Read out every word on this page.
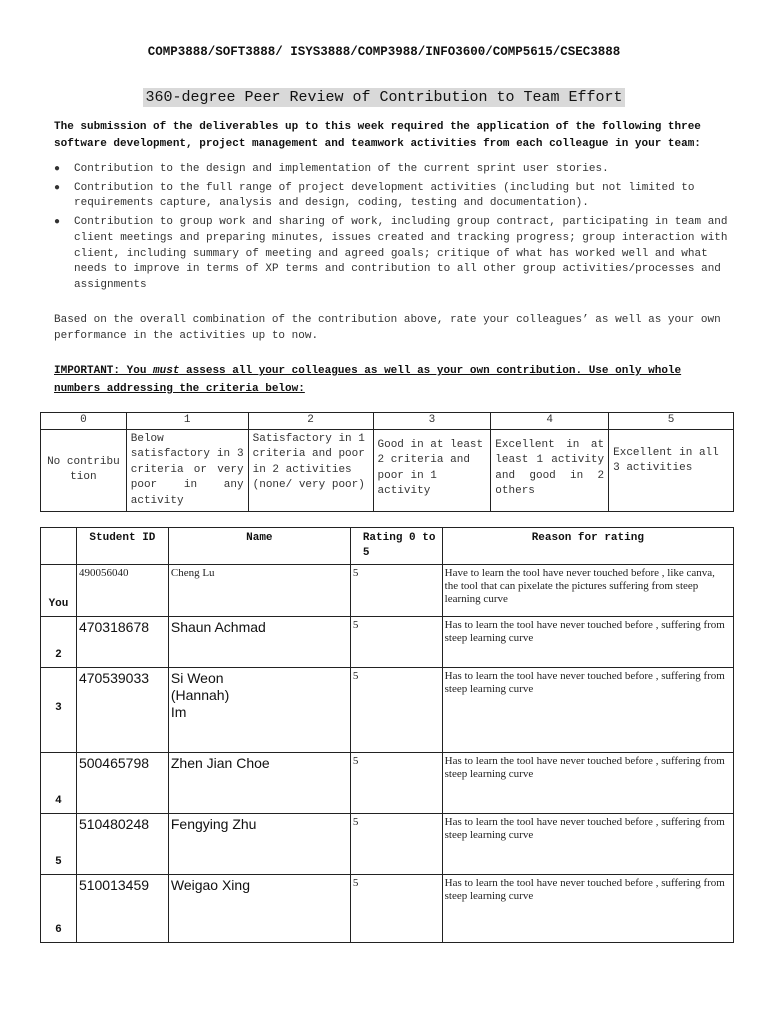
COMP3888/SOFT3888/ ISYS3888/COMP3988/INFO3600/COMP5615/CSEC3888
360-degree Peer Review of Contribution to Team Effort
The submission of the deliverables up to this week required the application of the following three software development, project management and teamwork activities from each colleague in your team:
● Contribution to the design and implementation of the current sprint user stories.
● Contribution to the full range of project development activities (including but not limited to requirements capture, analysis and design, coding, testing and documentation).
● Contribution to group work and sharing of work, including group contract, participating in team and client meetings and preparing minutes, issues created and tracking progress; group interaction with client, including summary of meeting and agreed goals; critique of what has worked well and what needs to improve in terms of XP terms and contribution to all other group activities/processes and assignments
Based on the overall combination of the contribution above, rate your colleagues’ as well as your own performance in the activities up to now.
IMPORTANT: You must assess all your colleagues as well as your own contribution. Use only whole numbers addressing the criteria below:
0	1	2	3	4	5
No contribution	Below satisfactory in 3 criteria or very poor in any activity	Satisfactory in 1 criteria and poor in 2 activities (none/ very poor)	Good in at least 2 criteria and poor in 1 activity	Excellent in at least 1 activity and good in 2 others	Excellent in all 3 activities
	Student ID	Name	Rating 0 to 5	Reason for rating
You	490056040	Cheng Lu	5	Have to learn the tool have never touched before , like canva, the tool that can pixelate the pictures suffering from steep learning curve
2	470318678	Shaun Achmad	5	Has to learn the tool have never touched before , suffering from steep learning curve
3	470539033	Si Weon (Hannah) Im	5	Has to learn the tool have never touched before , suffering from steep learning curve
4	500465798	Zhen Jian Choe	5	Has to learn the tool have never touched before , suffering from steep learning curve
5	510480248	Fengying Zhu	5	Has to learn the tool have never touched before , suffering from steep learning curve
6	510013459	Weigao Xing	5	Has to learn the tool have never touched before , suffering from steep learning curve
